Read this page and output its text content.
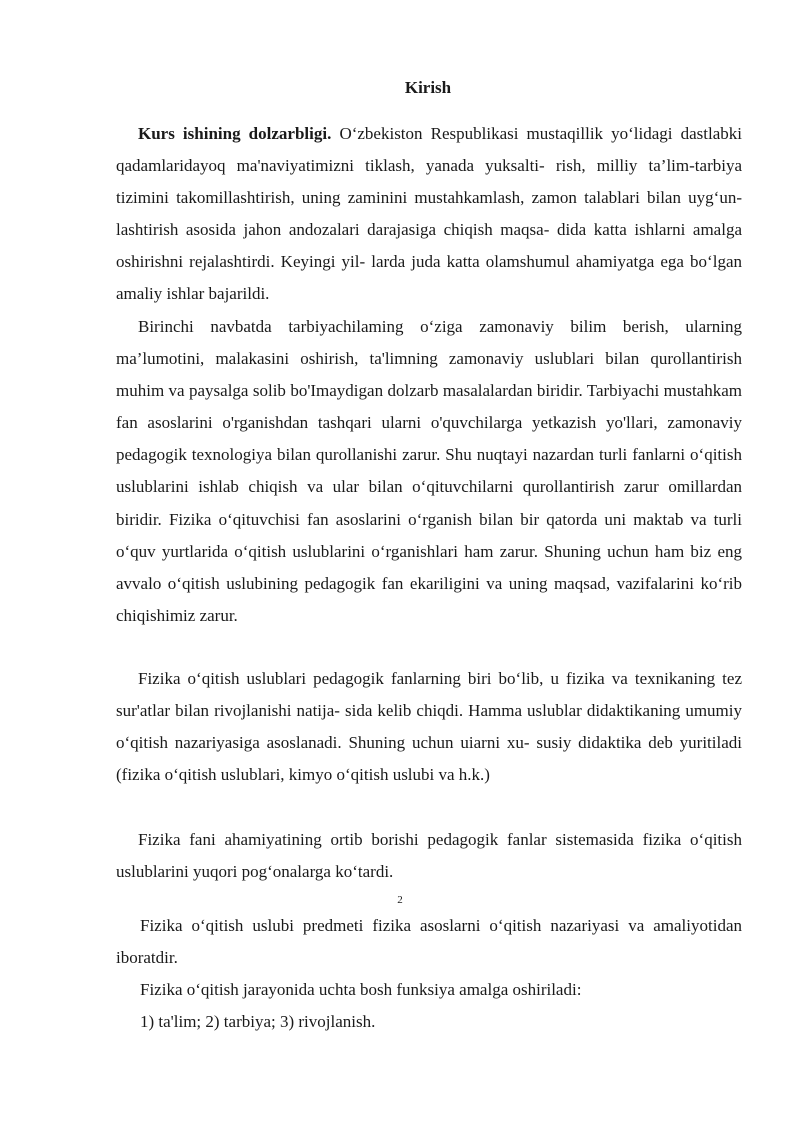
Kirish

Kurs ishining dolzarbligi. O‘zbekiston Respublikasi mustaqillik yo‘lidagi dastlabki qadamlaridayoq ma'naviyatimizni tiklash, yanada yuksalti- rish, milliy ta’lim-tarbiya tizimini takomillashtirish, uning zaminini mustahkamlash, zamon talablari bilan uyg‘un- lashtirish asosida jahon andozalari darajasiga chiqish maqsa- dida katta ishlarni amalga oshirishni rejalashtirdi. Keyingi yil- larda juda katta olamshumul ahamiyatga ega bo‘lgan amaliy ishlar bajarildi.

Birinchi navbatda tarbiyachilaming o‘ziga zamonaviy bilim berish, ularning ma’lumotini, malakasini oshirish, ta'limning zamonaviy uslublari bilan qurollantirish muhim va paysalga solib bo'Imaydigan dolzarb masalalardan biridir. Tarbiyachi mustahkam fan asoslarini o'rganishdan tashqari ularni o'quvchilarga yetkazish yo'llari, zamonaviy pedagogik texnologiya bilan qurollanishi zarur. Shu nuqtayi nazardan turli fanlarni o‘qitish uslublarini ishlab chiqish va ular bilan o‘qituvchilarni qurollantirish zarur omillardan biridir. Fizika o‘qituvchisi fan asoslarini o‘rganish bilan bir qatorda uni maktab va turli o‘quv yurtlarida o‘qitish uslublarini o‘rganishlari ham zarur. Shuning uchun ham biz eng avvalo o‘qitish uslubining pedagogik fan ekariligini va uning maqsad, vazifalarini ko‘rib chiqishimiz zarur.

Fizika o‘qitish uslublari pedagogik fanlarning biri bo‘lib, u fizika va texnikaning tez sur'atlar bilan rivojlanishi natija- sida kelib chiqdi. Hamma uslublar didaktikaning umumiy o‘qitish nazariyasiga asoslanadi. Shuning uchun uiarni xu- susiy didaktika deb yuritiladi (fizika o‘qitish uslublari, kimyo o‘qitish uslubi va h.k.)

Fizika fani ahamiyatining ortib borishi pedagogik fanlar sistemasida fizika o‘qitish uslublarini yuqori pog‘onalarga ko‘tardi.

2

Fizika o‘qitish uslubi predmeti fizika asoslarni o‘qitish nazariyasi va amaliyotidan iboratdir.

Fizika o‘qitish jarayonida uchta bosh funksiya amalga oshiriladi:
1) ta'lim; 2) tarbiya; 3) rivojlanish.
